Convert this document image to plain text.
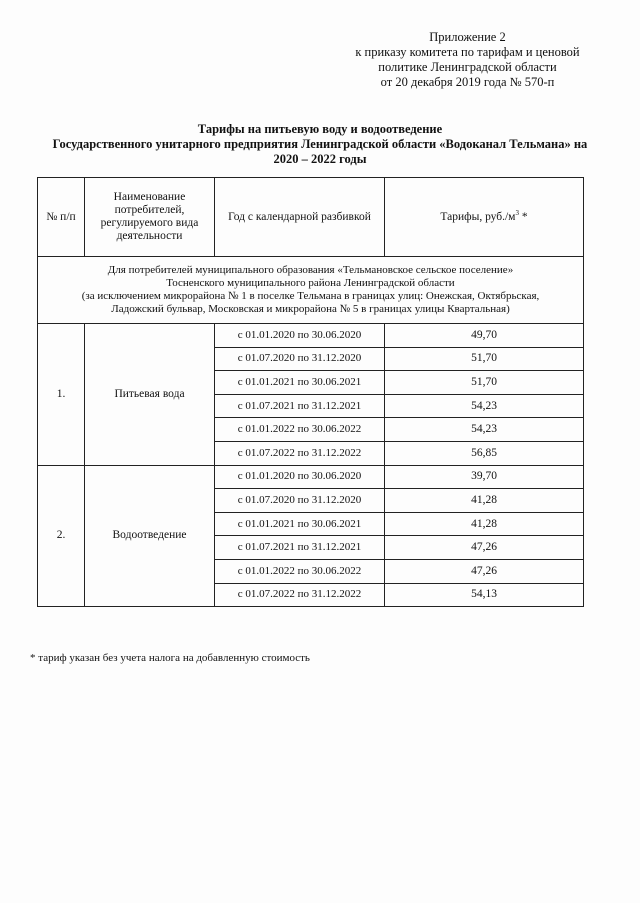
Приложение 2
к приказу комитета по тарифам и ценовой
политике Ленинградской области
от 20 декабря 2019 года № 570-п
Тарифы на питьевую воду и водоотведение
Государственного унитарного предприятия Ленинградской области «Водоканал Тельмана» на
2020 – 2022 годы
№ п/п	Наименование потребителей, регулируемого вида деятельности	Год с календарной разбивкой	Тарифы, $руб./м^3$ *

Для потребителей муниципального образования «Тельмановское сельское поселение»
Тосненского муниципального района Ленинградской области
(за исключением микрорайона № 1 в поселке Тельмана в границах улиц: Онежская, Октябрьская,
Ладожский бульвар, Московская и микрорайона № 5 в границах улицы Квартальная)			

1.	Питьевая вода	с 01.01.2020 по 30.06.2020	49,70
		с 01.07.2020 по 31.12.2020	51,70
		с 01.01.2021 по 30.06.2021	51,70
		с 01.07.2021 по 31.12.2021	54,23
		с 01.01.2022 по 30.06.2022	54,23
		с 01.07.2022 по 31.12.2022	56,85
2.	Водоотведение	с 01.01.2020 по 30.06.2020	39,70
		с 01.07.2020 по 31.12.2020	41,28
		с 01.01.2021 по 30.06.2021	41,28
		с 01.07.2021 по 31.12.2021	47,26
		с 01.01.2022 по 30.06.2022	47,26
		с 01.07.2022 по 31.12.2022	54,13
* тариф указан без учета налога на добавленную стоимость
